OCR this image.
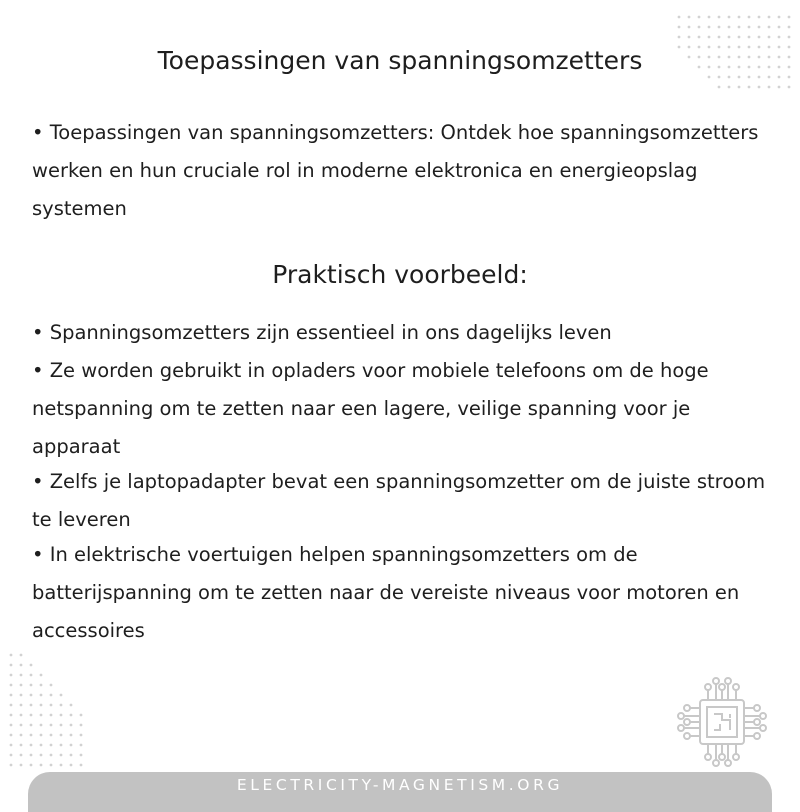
Toepassingen van spanningsomzetters

• Toepassingen van spanningsomzetters: Ontdek hoe spanningsomzetters werken en hun cruciale rol in moderne elektronica en energieopslag systemen

Praktisch voorbeeld:
• Spanningsomzetters zijn essentieel in ons dagelijks leven
• Ze worden gebruikt in opladers voor mobiele telefoons om de hoge netspanning om te zetten naar een lagere, veilige spanning voor je apparaat
• Zelfs je laptopadapter bevat een spanningsomzetter om de juiste stroom te leveren
• In elektrische voertuigen helpen spanningsomzetters om de batterijspanning om te zetten naar de vereiste niveaus voor motoren en accessoires
ELECTRICITY-MAGNETISM.ORG
